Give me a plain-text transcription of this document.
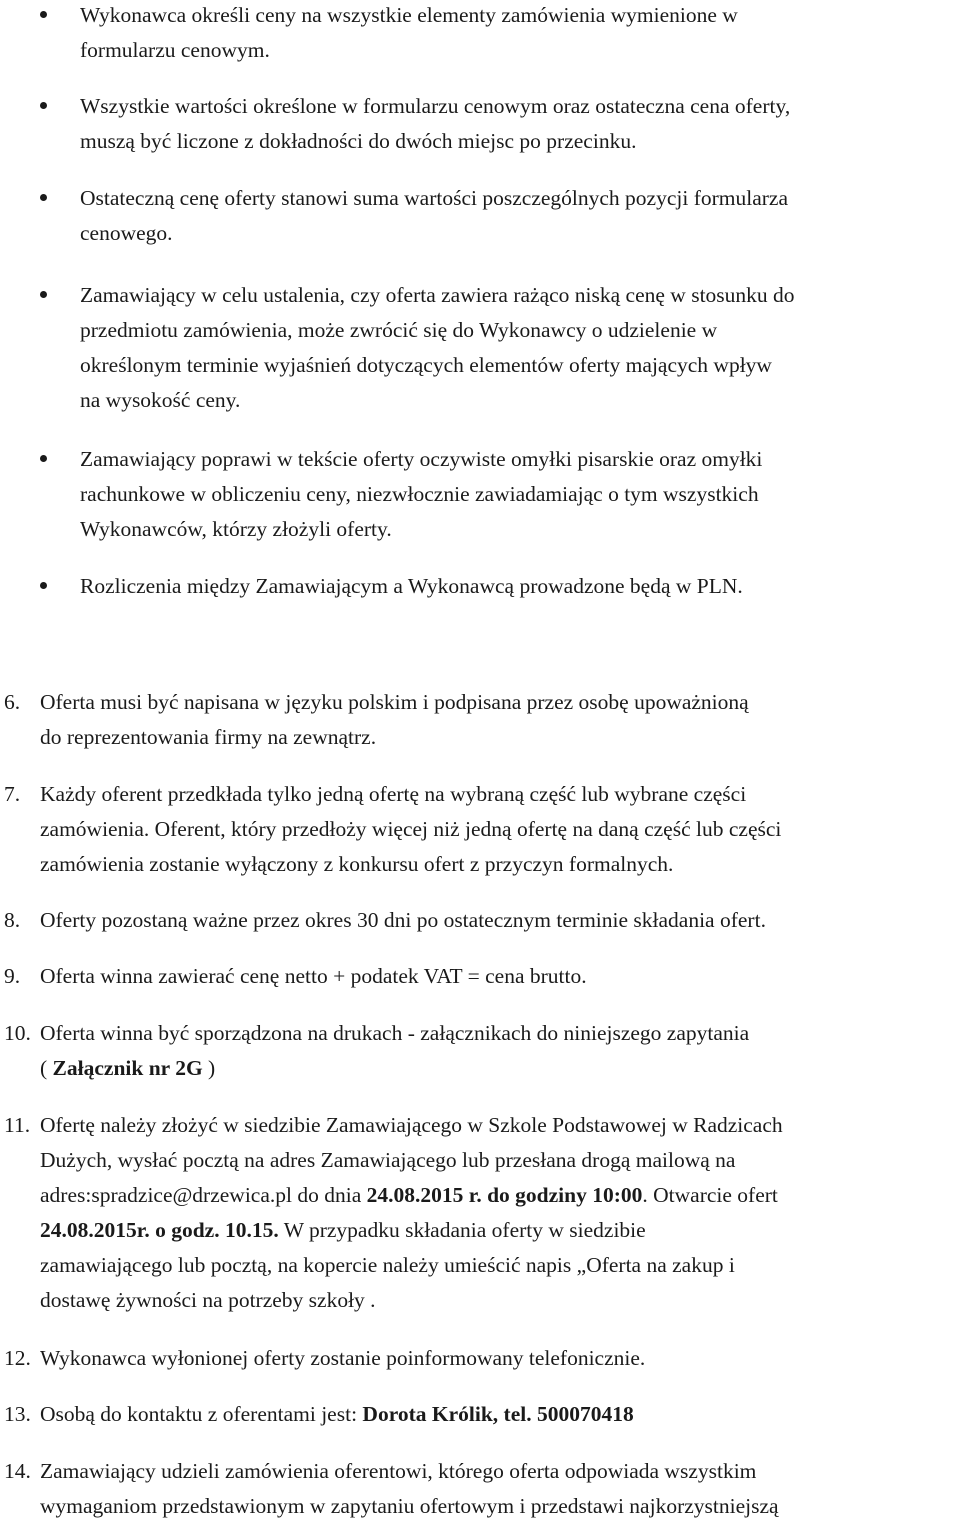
Wykonawca określi ceny na wszystkie elementy zamówienia wymienione w
formularzu cenowym.
Wszystkie wartości określone w formularzu cenowym oraz ostateczna cena oferty,
muszą być liczone z dokładności do dwóch miejsc po przecinku.
Ostateczną cenę oferty stanowi suma wartości poszczególnych pozycji formularza
cenowego.
Zamawiający w celu ustalenia, czy oferta zawiera rażąco niską cenę w stosunku do
przedmiotu zamówienia, może zwrócić się do Wykonawcy o udzielenie w
określonym terminie wyjaśnień dotyczących elementów oferty mających wpływ
na wysokość ceny.
Zamawiający poprawi w tekście oferty oczywiste omyłki pisarskie oraz omyłki
rachunkowe w obliczeniu ceny, niezwłocznie zawiadamiając o tym wszystkich
Wykonawców, którzy złożyli oferty.
Rozliczenia między Zamawiającym a Wykonawcą prowadzone będą w PLN.
6. Oferta musi być napisana w języku polskim i podpisana przez osobę upoważnioną
do reprezentowania firmy na zewnątrz.
7. Każdy oferent przedkłada tylko jedną ofertę na wybraną część lub wybrane części
zamówienia. Oferent, który przedłoży więcej niż jedną ofertę na daną część lub części
zamówienia zostanie wyłączony z konkursu ofert z przyczyn formalnych.
8. Oferty pozostaną ważne przez okres 30 dni po ostatecznym terminie składania ofert.
9. Oferta winna zawierać cenę netto + podatek VAT = cena brutto.
10. Oferta winna być sporządzona na drukach - załącznikach do niniejszego zapytania
( Załącznik nr 2G )
11. Ofertę należy złożyć w siedzibie Zamawiającego w Szkole Podstawowej w Radzicach
Dużych, wysłać pocztą na adres Zamawiającego lub przesłana drogą mailową na
adres:spradzice@drzewica.pl do dnia 24.08.2015 r. do godziny 10:00. Otwarcie ofert
24.08.2015r. o godz. 10.15. W przypadku składania oferty w siedzibie
zamawiającego lub pocztą, na kopercie należy umieścić napis „Oferta na zakup i
dostawę żywności na potrzeby szkoły .
12. Wykonawca wyłonionej oferty zostanie poinformowany telefonicznie.
13. Osobą do kontaktu z oferentami jest: Dorota Królik, tel. 500070418
14. Zamawiający udzieli zamówienia oferentowi, którego oferta odpowiada wszystkim
wymaganiom przedstawionym w zapytaniu ofertowym i przedstawi najkorzystniejszą
